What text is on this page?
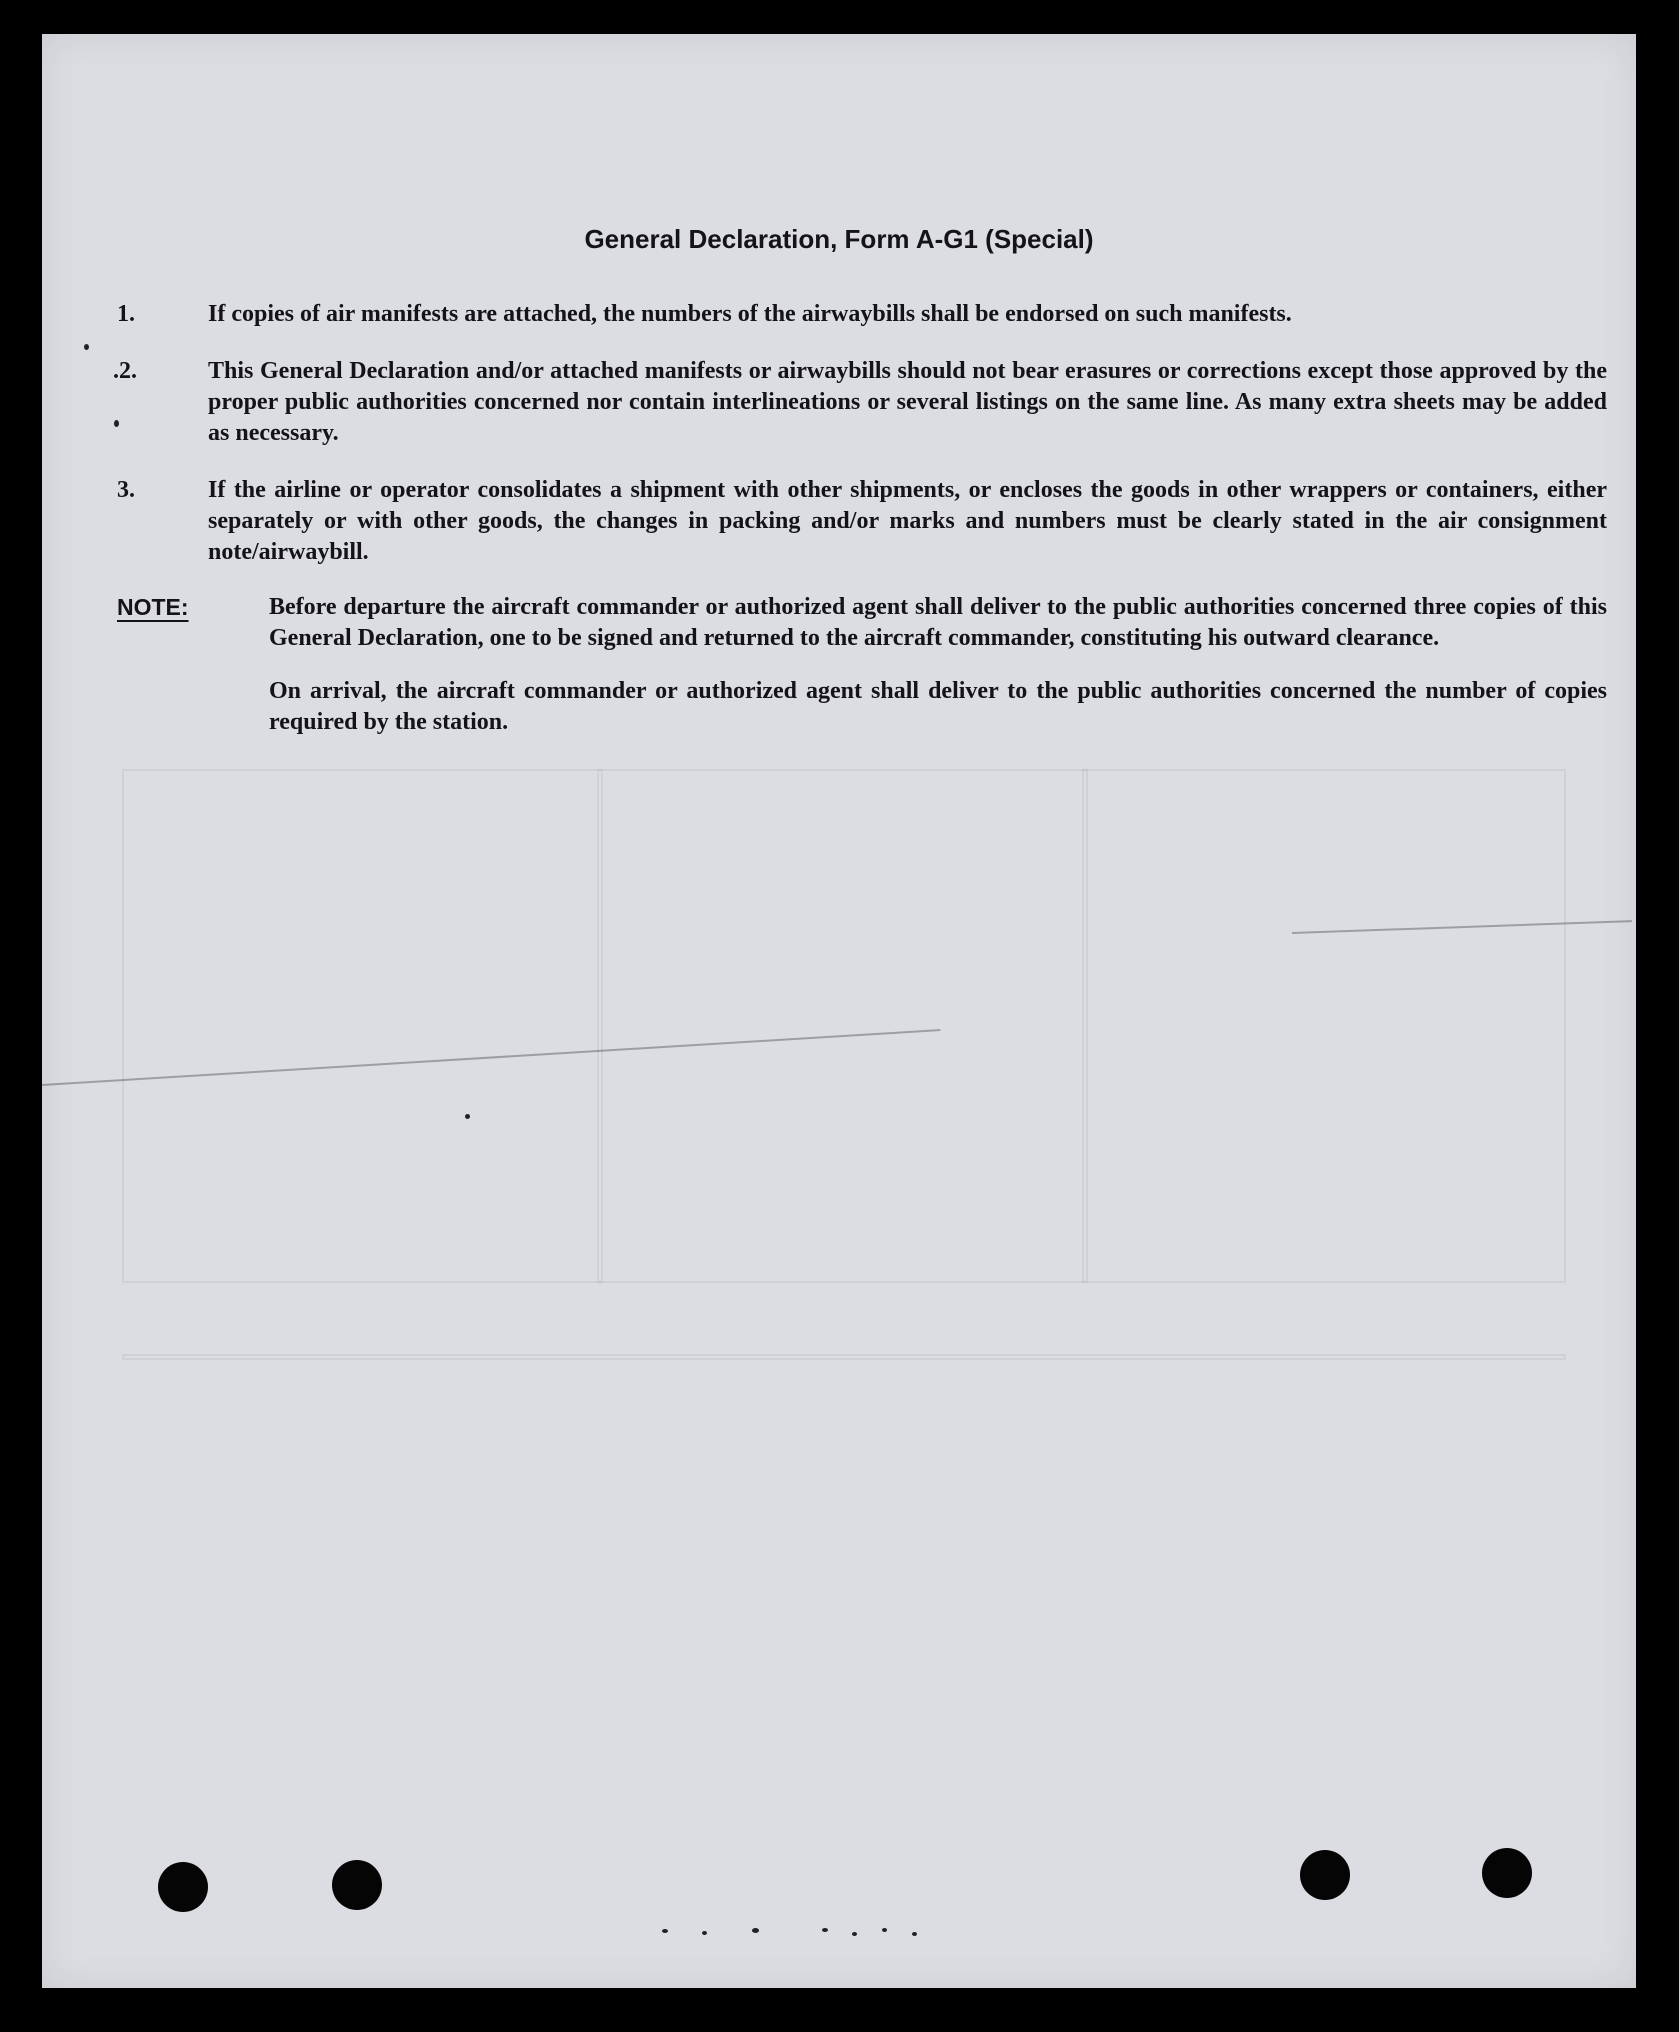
General Declaration, Form A-G1 (Special)
1.	If copies of air manifests are attached, the numbers of the airwaybills shall be endorsed on such manifests.
.2.	This General Declaration and/or attached manifests or airwaybills should not bear erasures or corrections except those approved by the proper public authorities concerned nor contain interlineations or several listings on the same line. As many extra sheets may be added as necessary.
3.	If the airline or operator consolidates a shipment with other shipments, or encloses the goods in other wrappers or containers, either separately or with other goods, the changes in packing and/or marks and numbers must be clearly stated in the air consignment note/airwaybill.
NOTE:	Before departure the aircraft commander or authorized agent shall deliver to the public authorities concerned three copies of this General Declaration, one to be signed and returned to the aircraft commander, constituting his outward clearance.
On arrival, the aircraft commander or authorized agent shall deliver to the public authorities concerned the number of copies required by the station.
